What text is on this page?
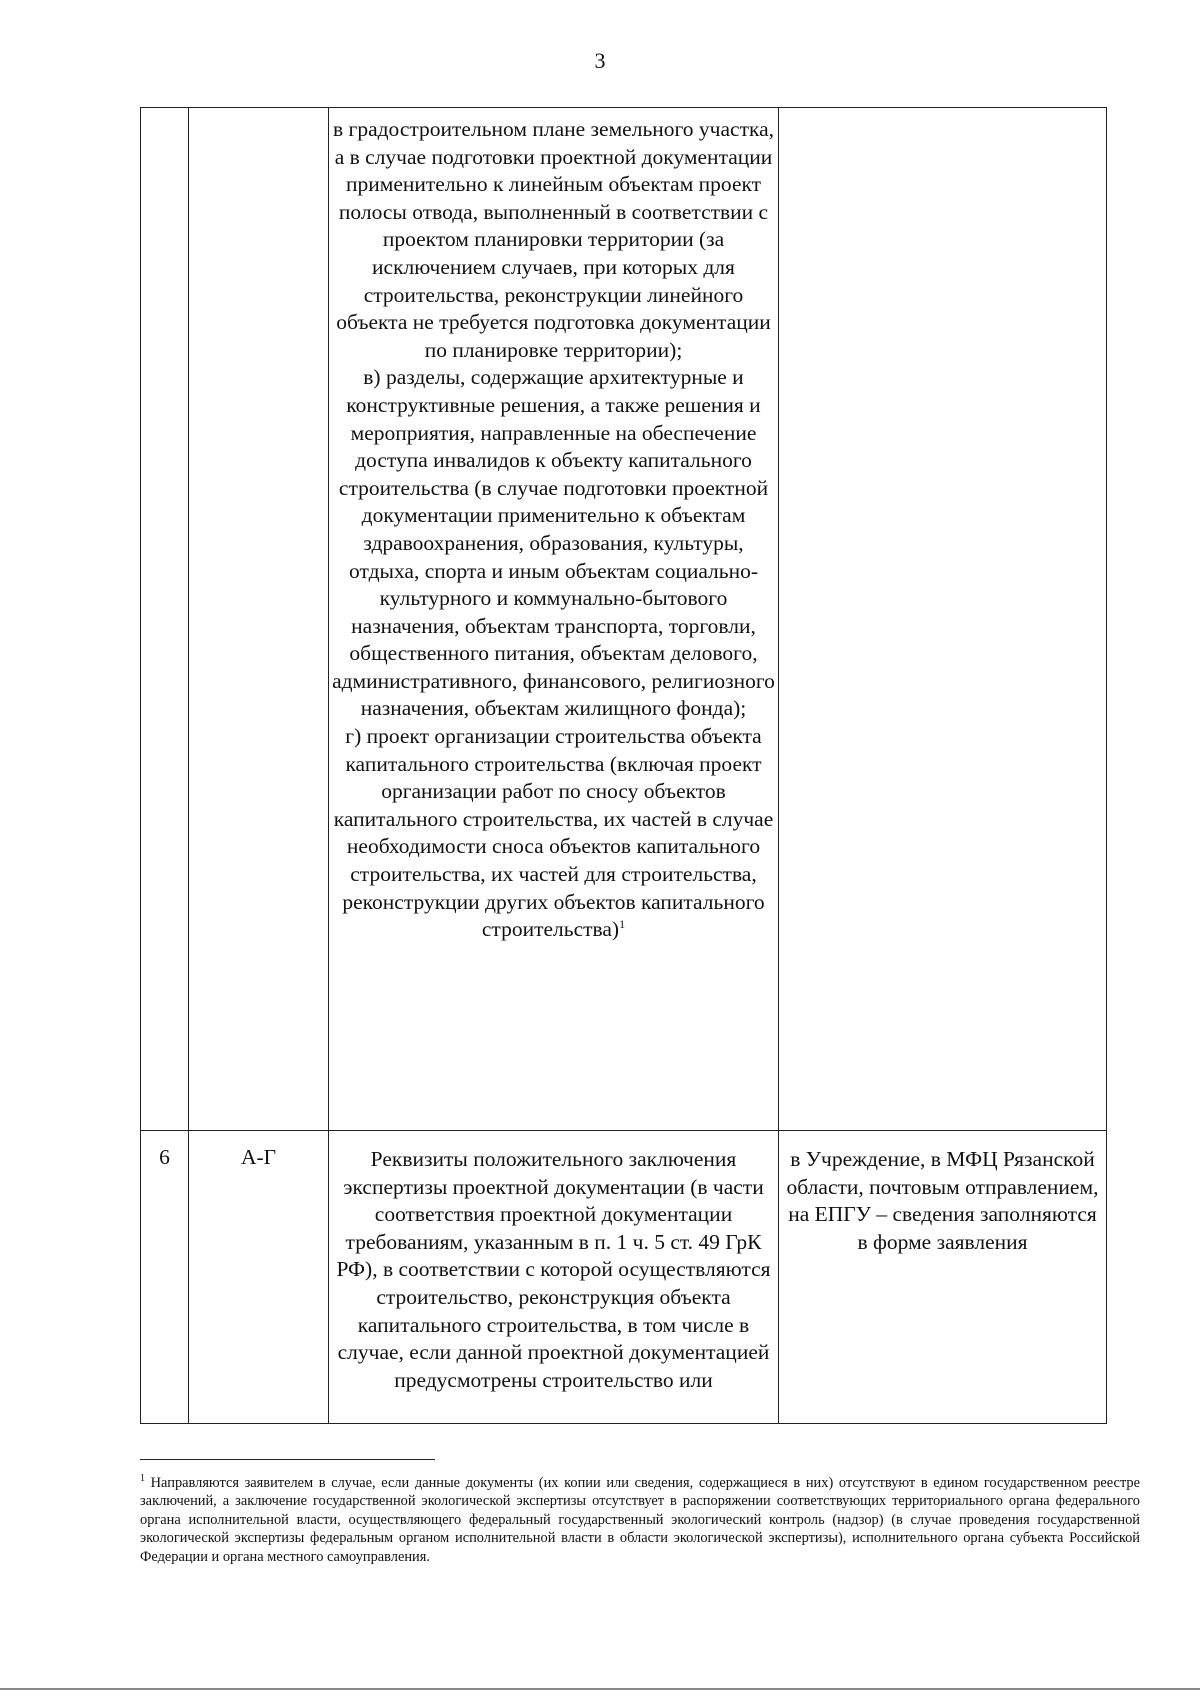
3

		в градостроительном плане земельного участка, а в случае подготовки проектной документации применительно к линейным объектам проект полосы отвода, выполненный в соответствии с проектом планировки территории (за исключением случаев, при которых для строительства, реконструкции линейного объекта не требуется подготовка документации по планировке территории);
в) разделы, содержащие архитектурные и конструктивные решения, а также решения и мероприятия, направленные на обеспечение доступа инвалидов к объекту капитального строительства (в случае подготовки проектной документации применительно к объектам здравоохранения, образования, культуры, отдыха, спорта и иным объектам социально-культурного и коммунально-бытового назначения, объектам транспорта, торговли, общественного питания, объектам делового, административного, финансового, религиозного назначения, объектам жилищного фонда);
г) проект организации строительства объекта капитального строительства (включая проект организации работ по сносу объектов капитального строительства, их частей в случае необходимости сноса объектов капитального строительства, их частей для строительства, реконструкции других объектов капитального строительства)$^1$

6	А-Г	Реквизиты положительного заключения экспертизы проектной документации (в части соответствия проектной документации требованиям, указанным в п. 1 ч. 5 ст. 49 ГрК РФ), в соответствии с которой осуществляются строительство, реконструкция объекта капитального строительства, в том числе в случае, если данной проектной документацией предусмотрены строительство или	в Учреждение, в МФЦ Рязанской области, почтовым отправлением, на ЕПГУ – сведения заполняются в форме заявления
$^1$ Направляются заявителем в случае, если данные документы (их копии или сведения, содержащиеся в них) отсутствуют в едином государственном реестре заключений, а заключение государственной экологической экспертизы отсутствует в распоряжении соответствующих территориального органа федерального органа исполнительной власти, осуществляющего федеральный государственный экологический контроль (надзор) (в случае проведения государственной экологической экспертизы федеральным органом исполнительной власти в области экологической экспертизы), исполнительного органа субъекта Российской Федерации и органа местного самоуправления.
